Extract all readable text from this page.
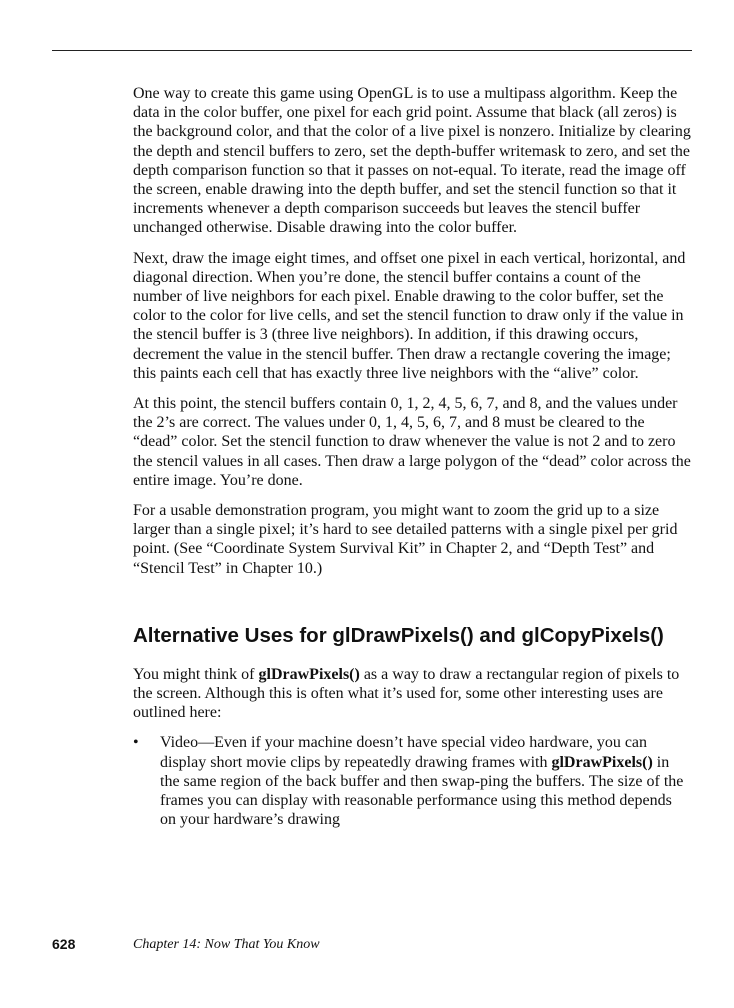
One way to create this game using OpenGL is to use a multipass algorithm. Keep the data in the color buffer, one pixel for each grid point. Assume that black (all zeros) is the background color, and that the color of a live pixel is nonzero. Initialize by clearing the depth and stencil buffers to zero, set the depth-buffer writemask to zero, and set the depth comparison function so that it passes on not-equal. To iterate, read the image off the screen, enable drawing into the depth buffer, and set the stencil function so that it increments whenever a depth comparison succeeds but leaves the stencil buffer unchanged otherwise. Disable drawing into the color buffer.

Next, draw the image eight times, and offset one pixel in each vertical, horizontal, and diagonal direction. When you’re done, the stencil buffer contains a count of the number of live neighbors for each pixel. Enable drawing to the color buffer, set the color to the color for live cells, and set the stencil function to draw only if the value in the stencil buffer is 3 (three live neighbors). In addition, if this drawing occurs, decrement the value in the stencil buffer. Then draw a rectangle covering the image; this paints each cell that has exactly three live neighbors with the “alive” color.

At this point, the stencil buffers contain 0, 1, 2, 4, 5, 6, 7, and 8, and the values under the 2’s are correct. The values under 0, 1, 4, 5, 6, 7, and 8 must be cleared to the “dead” color. Set the stencil function to draw whenever the value is not 2 and to zero the stencil values in all cases. Then draw a large polygon of the “dead” color across the entire image. You’re done.

For a usable demonstration program, you might want to zoom the grid up to a size larger than a single pixel; it’s hard to see detailed patterns with a single pixel per grid point. (See “Coordinate System Survival Kit” in Chapter 2, and “Depth Test” and “Stencil Test” in Chapter 10.)

Alternative Uses for glDrawPixels() and glCopyPixels()

You might think of glDrawPixels() as a way to draw a rectangular region of pixels to the screen. Although this is often what it’s used for, some other interesting uses are outlined here:

• Video—Even if your machine doesn’t have special video hardware, you can display short movie clips by repeatedly drawing frames with glDrawPixels() in the same region of the back buffer and then swap-ping the buffers. The size of the frames you can display with reasonable performance using this method depends on your hardware’s drawing
628	Chapter 14: Now That You Know
